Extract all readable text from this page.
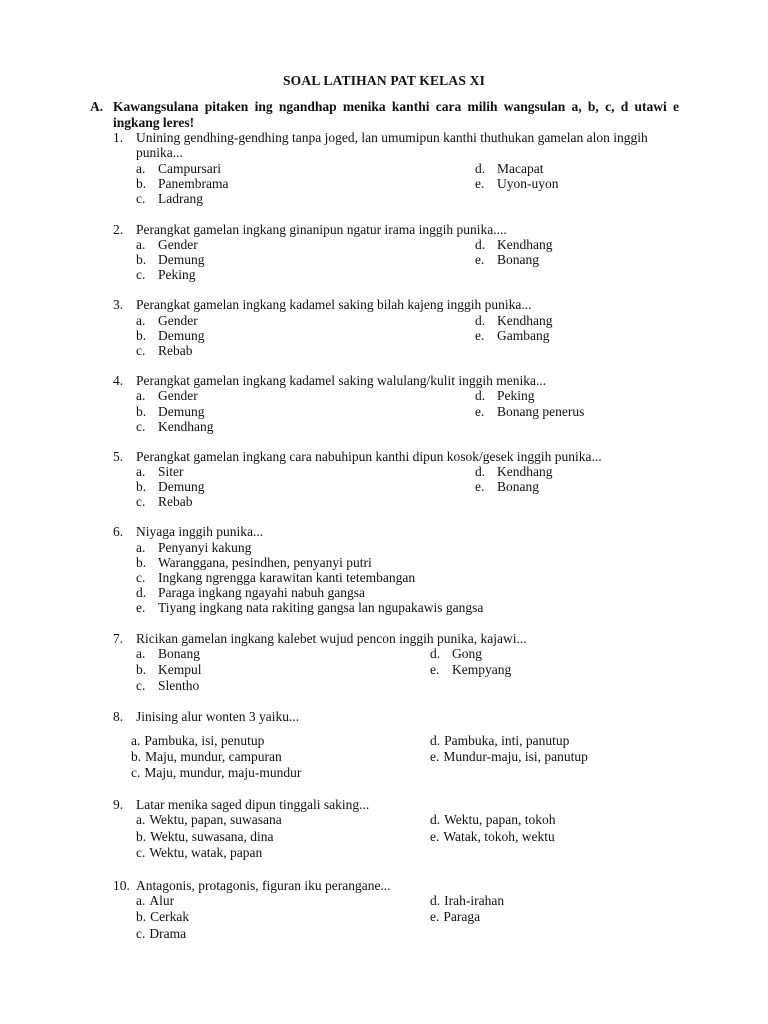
SOAL LATIHAN PAT KELAS XI
A. Kawangsulana pitaken ing ngandhap menika kanthi cara milih wangsulan a, b, c, d utawi e ingkang leres!
1. Unining gendhing-gendhing tanpa joged, lan umumipun kanthi thuthukan gamelan alon inggih punika...
a. Campursari
b. Panembrama
c. Ladrang
d. Macapat
e. Uyon-uyon
2. Perangkat gamelan ingkang ginanipun ngatur irama inggih punika....
a. Gender
b. Demung
c. Peking
d. Kendhang
e. Bonang
3. Perangkat gamelan ingkang kadamel saking bilah kajeng inggih punika...
a. Gender
b. Demung
c. Rebab
d. Kendhang
e. Gambang
4. Perangkat gamelan ingkang kadamel saking walulang/kulit inggih menika...
a. Gender
b. Demung
c. Kendhang
d. Peking
e. Bonang penerus
5. Perangkat gamelan ingkang cara nabuhipun kanthi dipun kosok/gesek inggih punika...
a. Siter
b. Demung
c. Rebab
d. Kendhang
e. Bonang
6. Niyaga inggih punika...
a. Penyanyi kakung
b. Waranggana, pesindhen, penyanyi putri
c. Ingkang ngrengga karawitan kanti tetembangan
d. Paraga ingkang ngayahi nabuh gangsa
e. Tiyang ingkang nata rakiting gangsa lan ngupakawis gangsa
7. Ricikan gamelan ingkang kalebet wujud pencon inggih punika, kajawi...
a. Bonang
b. Kempul
c. Slentho
d. Gong
e. Kempyang
8. Jinising alur wonten 3 yaiku...
a. Pambuka, isi, penutup
b. Maju, mundur, campuran
c. Maju, mundur, maju-mundur
d. Pambuka, inti, panutup
e. Mundur-maju, isi, panutup
9. Latar menika saged dipun tinggali saking...
a. Wektu, papan, suwasana
b. Wektu, suwasana, dina
c. Wektu, watak, papan
d. Wektu, papan, tokoh
e. Watak, tokoh, wektu
10. Antagonis, protagonis, figuran iku perangane...
a. Alur
b. Cerkak
c. Drama
d. Irah-irahan
e. Paraga
